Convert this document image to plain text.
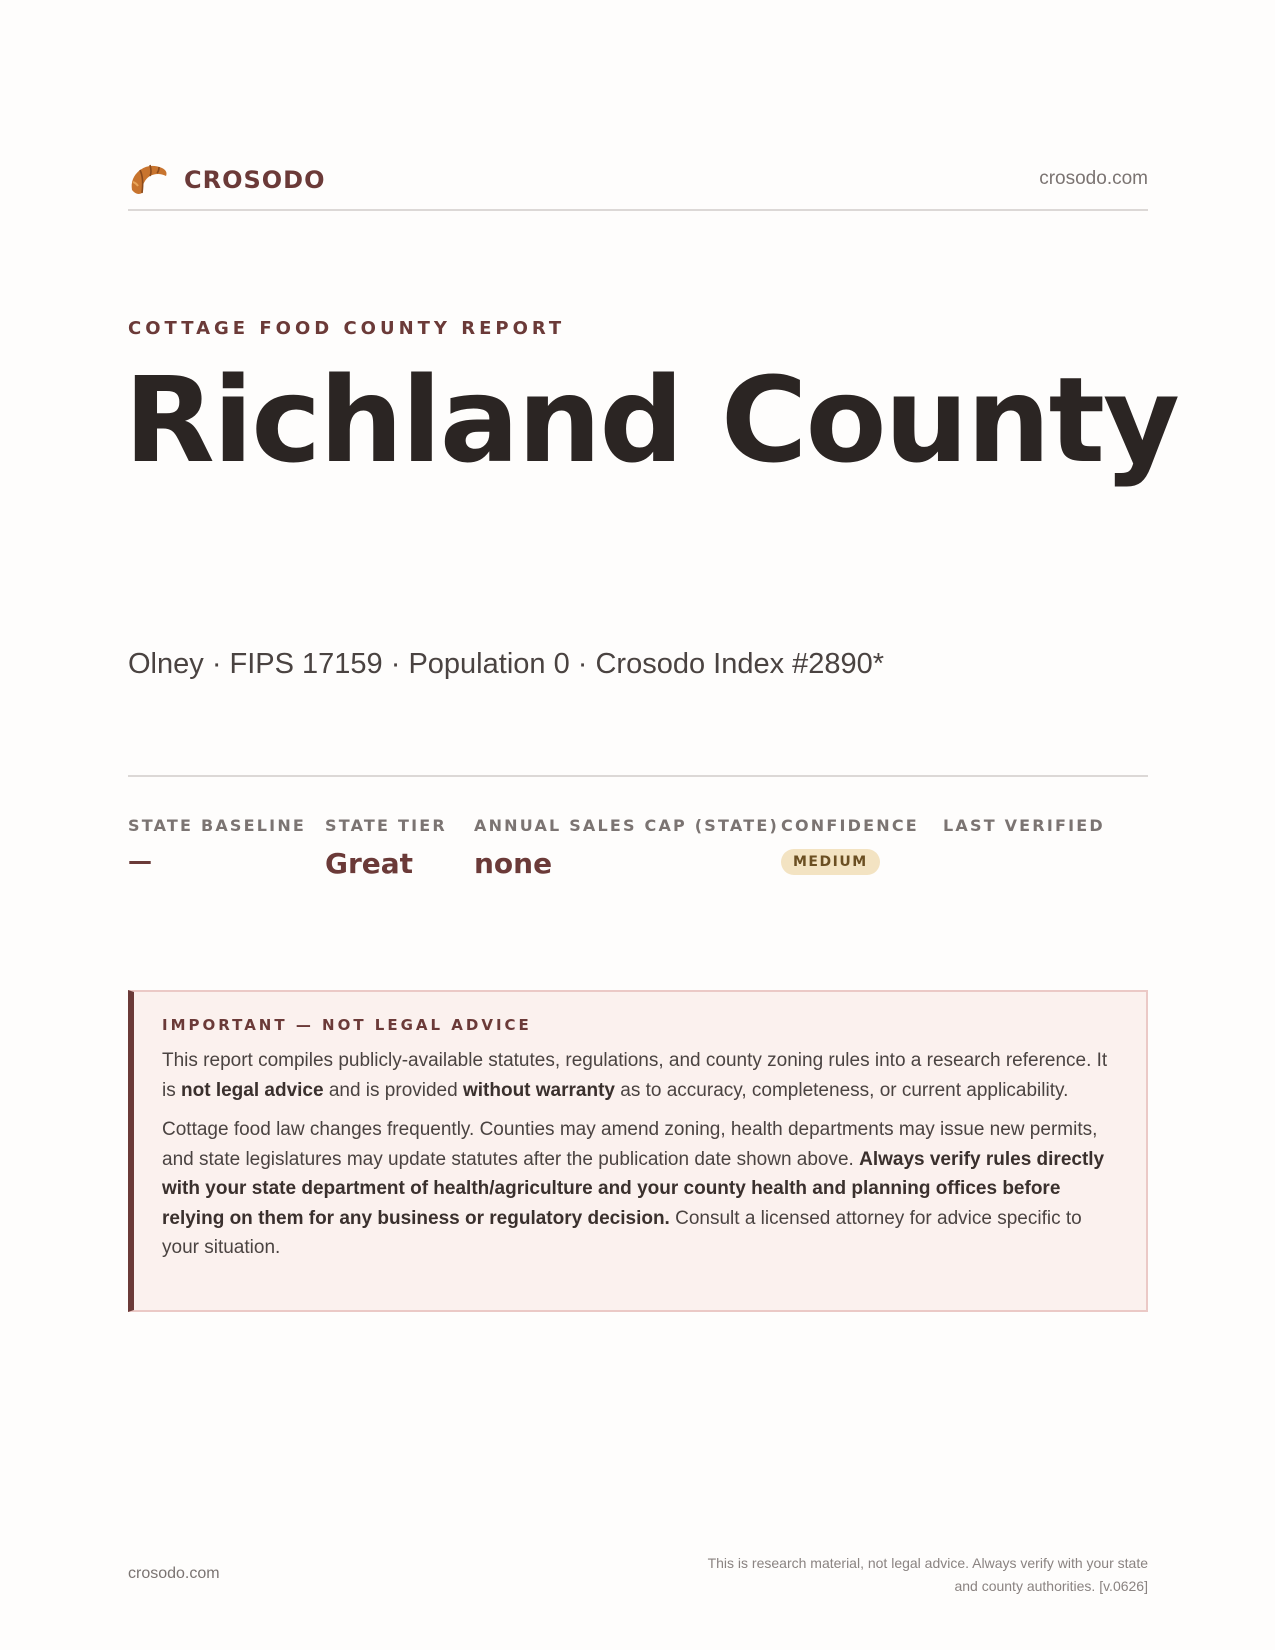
CROSODO	crosodo.com
COTTAGE FOOD COUNTY REPORT
Richland County
Olney · FIPS 17159 · Population 0 · Crosodo Index #2890*
STATE BASELINE
—
STATE TIER
Great
ANNUAL SALES CAP (STATE)
none
CONFIDENCE
MEDIUM
LAST VERIFIED
IMPORTANT — NOT LEGAL ADVICE

This report compiles publicly-available statutes, regulations, and county zoning rules into a research reference. It is not legal advice and is provided without warranty as to accuracy, completeness, or current applicability.

Cottage food law changes frequently. Counties may amend zoning, health departments may issue new permits, and state legislatures may update statutes after the publication date shown above. Always verify rules directly with your state department of health/agriculture and your county health and planning offices before relying on them for any business or regulatory decision. Consult a licensed attorney for advice specific to your situation.

crosodo.com
This is research material, not legal advice. Always verify with your state
and county authorities. [v.0626]
